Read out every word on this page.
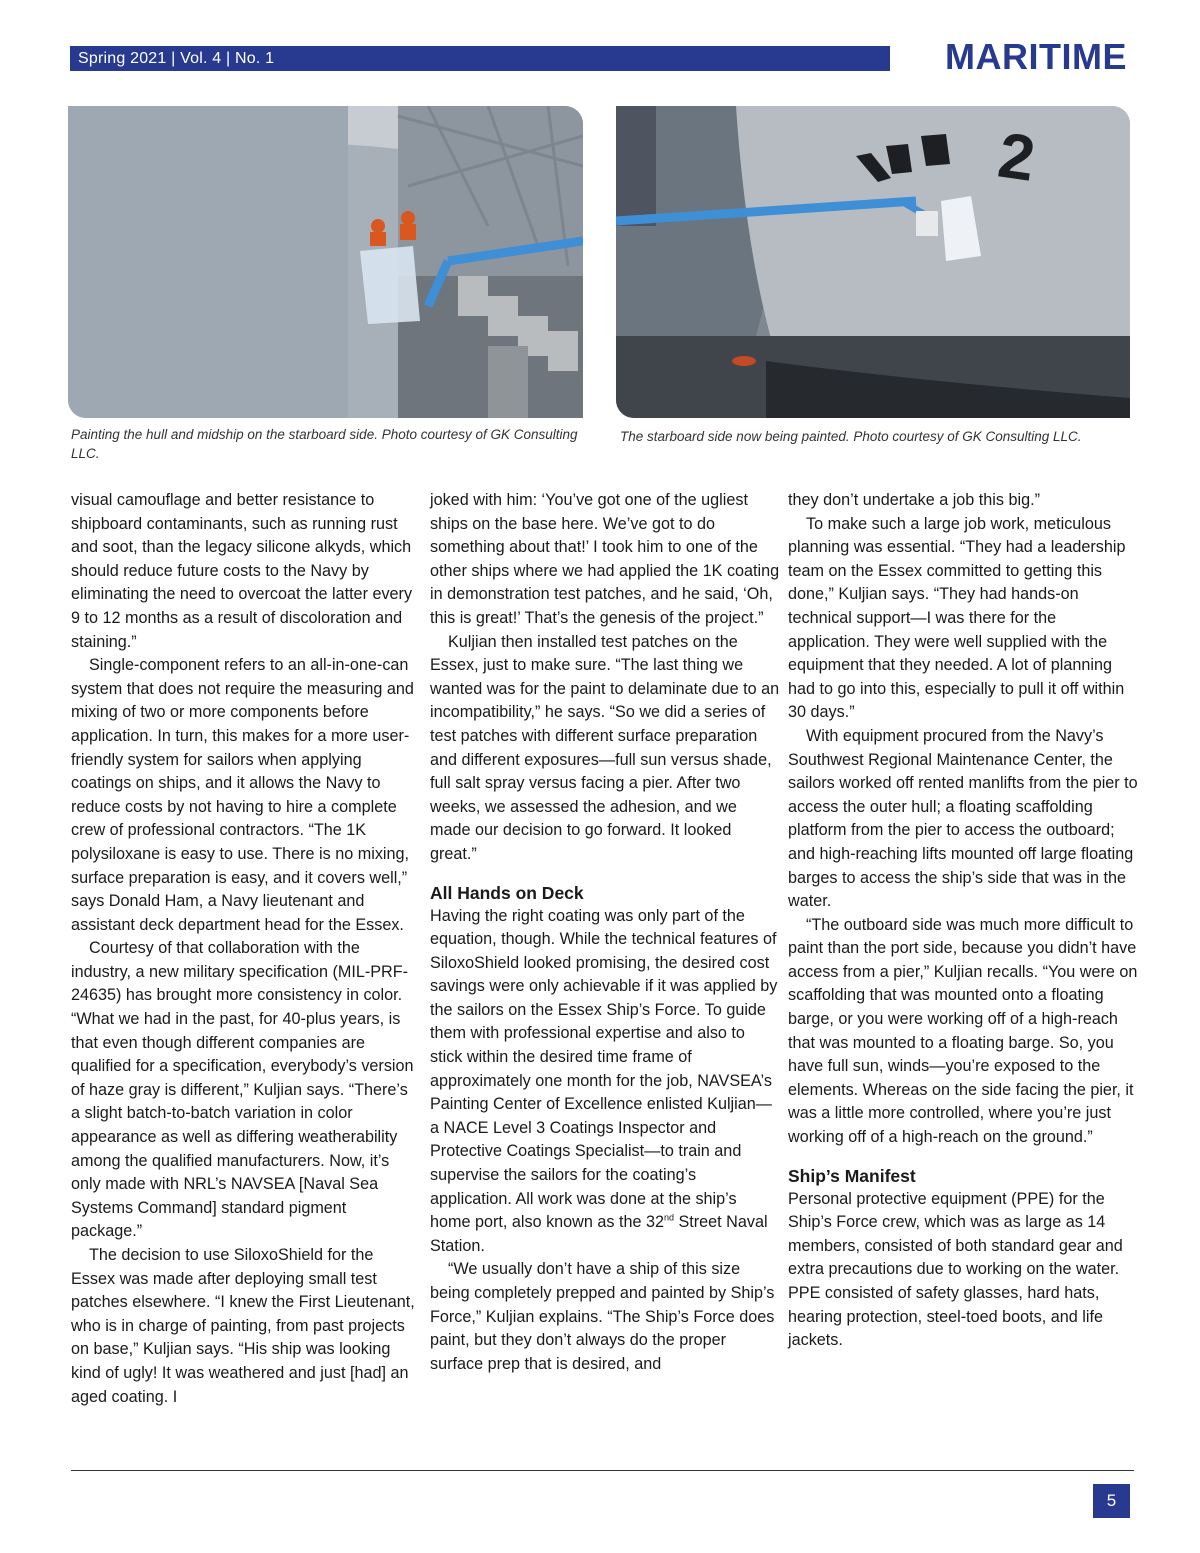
Spring 2021 | Vol. 4 | No. 1	MARITIME
2
Painting the hull and midship on the starboard side. Photo courtesy of GK Consulting LLC.
The starboard side now being painted. Photo courtesy of GK Consulting LLC.

visual camouflage and better resistance to shipboard contaminants, such as running rust and soot, than the legacy silicone alkyds, which should reduce future costs to the Navy by eliminating the need to overcoat the latter every 9 to 12 months as a result of discoloration and staining.”

Single-component refers to an all-in-one-can system that does not require the measuring and mixing of two or more components before application. In turn, this makes for a more user-friendly system for sailors when applying coatings on ships, and it allows the Navy to reduce costs by not having to hire a complete crew of professional contractors. “The 1K polysiloxane is easy to use. There is no mixing, surface preparation is easy, and it covers well,” says Donald Ham, a Navy lieutenant and assistant deck department head for the Essex.

Courtesy of that collaboration with the industry, a new military specification (MIL-PRF-24635) has brought more consistency in color. “What we had in the past, for 40-plus years, is that even though different companies are qualified for a specification, everybody’s version of haze gray is different,” Kuljian says. “There’s a slight batch-to-batch variation in color appearance as well as differing weatherability among the qualified manufacturers. Now, it’s only made with NRL’s NAVSEA [Naval Sea Systems Command] standard pigment package.”

The decision to use SiloxoShield for the Essex was made after deploying small test patches elsewhere. “I knew the First Lieutenant, who is in charge of painting, from past projects on base,” Kuljian says. “His ship was looking kind of ugly! It was weathered and just [had] an aged coating. I

joked with him: ‘You’ve got one of the ugliest ships on the base here. We’ve got to do something about that!’ I took him to one of the other ships where we had applied the 1K coating in demonstration test patches, and he said, ‘Oh, this is great!’ That’s the genesis of the project.”

Kuljian then installed test patches on the Essex, just to make sure. “The last thing we wanted was for the paint to delaminate due to an incompatibility,” he says. “So we did a series of test patches with different surface preparation and different exposures—full sun versus shade, full salt spray versus facing a pier. After two weeks, we assessed the adhesion, and we made our decision to go forward. It looked great.”

All Hands on Deck

Having the right coating was only part of the equation, though. While the technical features of SiloxoShield looked promising, the desired cost savings were only achievable if it was applied by the sailors on the Essex Ship’s Force. To guide them with professional expertise and also to stick within the desired time frame of approximately one month for the job, NAVSEA’s Painting Center of Excellence enlisted Kuljian—a NACE Level 3 Coatings Inspector and Protective Coatings Specialist—to train and supervise the sailors for the coating’s application. All work was done at the ship’s home port, also known as the 32nd Street Naval Station.

“We usually don’t have a ship of this size being completely prepped and painted by Ship’s Force,” Kuljian explains. “The Ship’s Force does paint, but they don’t always do the proper surface prep that is desired, and

they don’t undertake a job this big.”

To make such a large job work, meticulous planning was essential. “They had a leadership team on the Essex committed to getting this done,” Kuljian says. “They had hands-on technical support—I was there for the application. They were well supplied with the equipment that they needed. A lot of planning had to go into this, especially to pull it off within 30 days.”

With equipment procured from the Navy’s Southwest Regional Maintenance Center, the sailors worked off rented manlifts from the pier to access the outer hull; a floating scaffolding platform from the pier to access the outboard; and high-reaching lifts mounted off large floating barges to access the ship’s side that was in the water.

“The outboard side was much more difficult to paint than the port side, because you didn’t have access from a pier,” Kuljian recalls. “You were on scaffolding that was mounted onto a floating barge, or you were working off of a high-reach that was mounted to a floating barge. So, you have full sun, winds—you’re exposed to the elements. Whereas on the side facing the pier, it was a little more controlled, where you’re just working off of a high-reach on the ground.”

Ship’s Manifest

Personal protective equipment (PPE) for the Ship’s Force crew, which was as large as 14 members, consisted of both standard gear and extra precautions due to working on the water. PPE consisted of safety glasses, hard hats, hearing protection, steel-toed boots, and life jackets.

5
